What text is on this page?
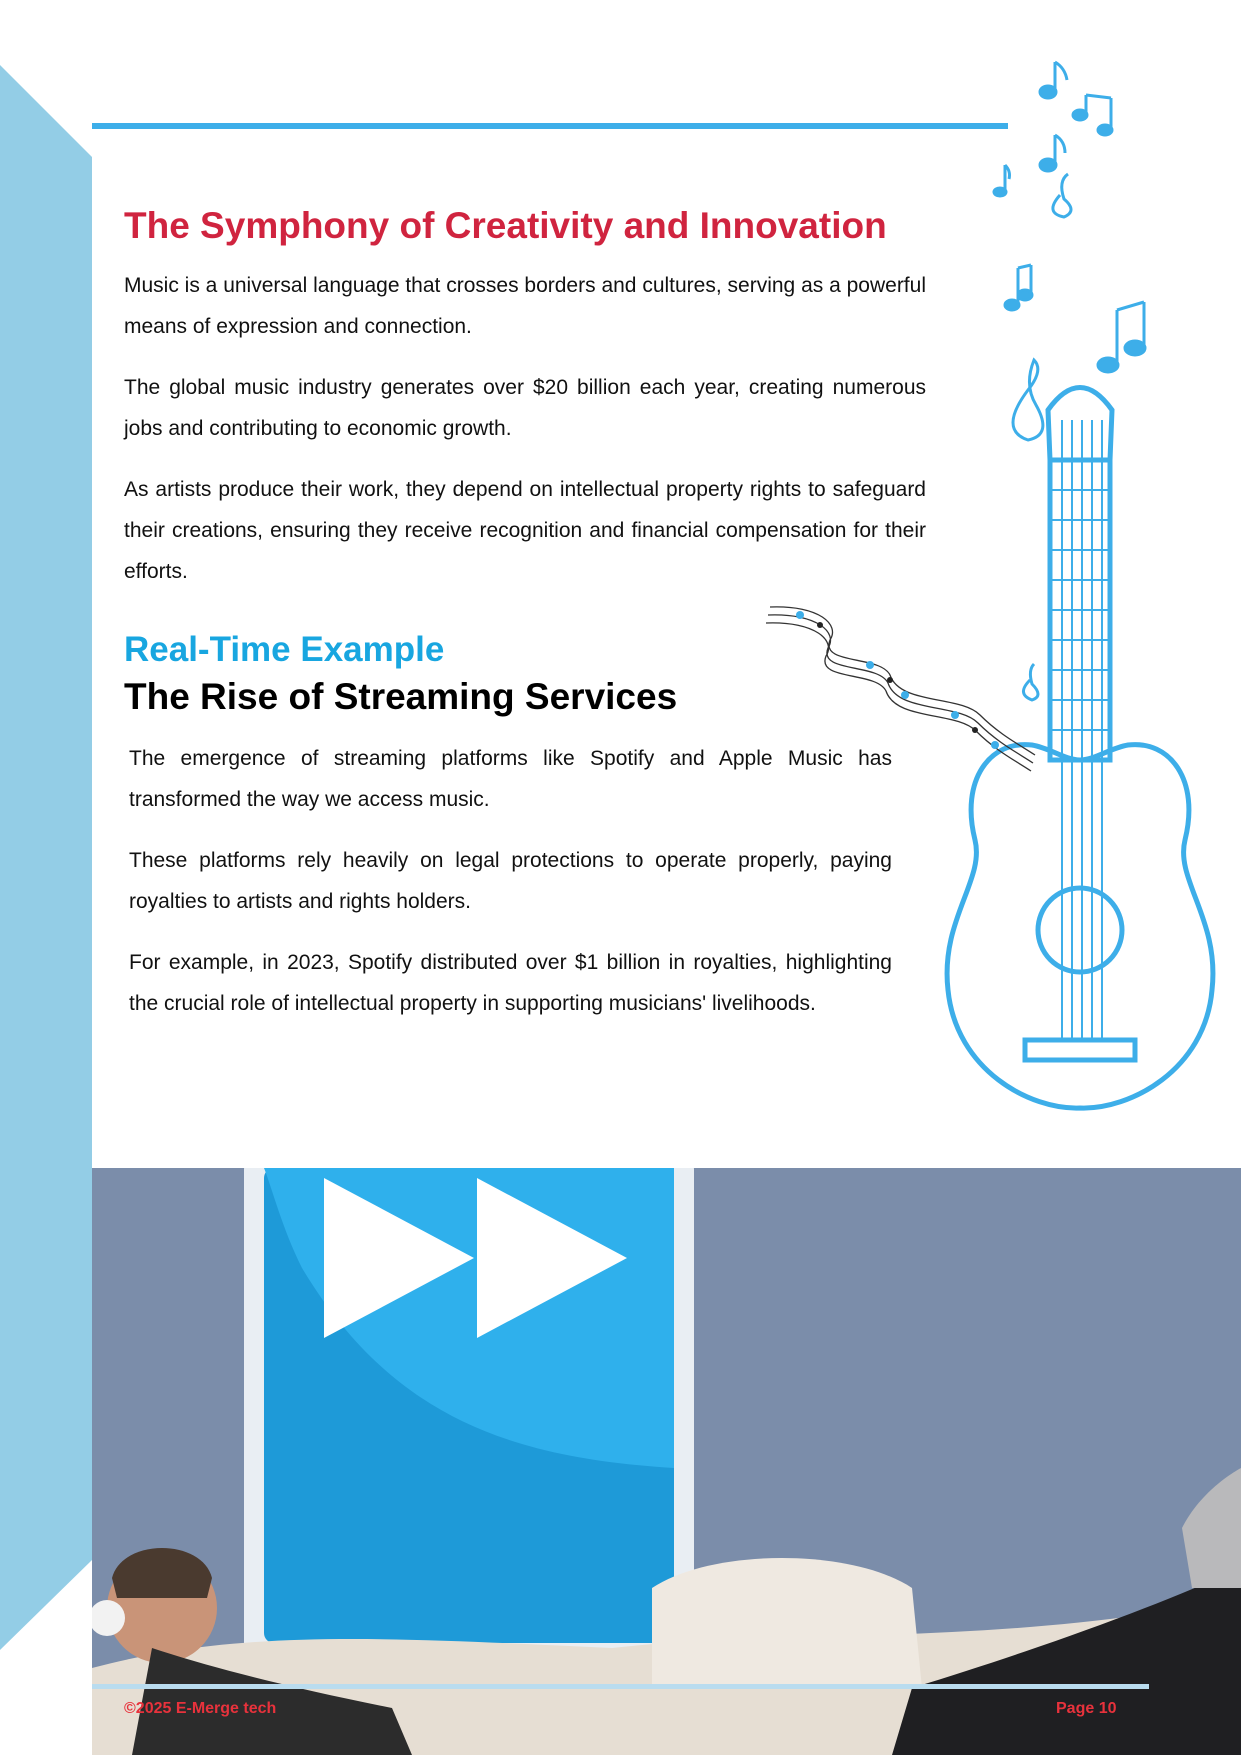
The Symphony of Creativity and Innovation

Music is a universal language that crosses borders and cultures, serving as a powerful means of expression and connection.

The global music industry generates over $20 billion each year, creating numerous jobs and contributing to economic growth.

As artists produce their work, they depend on intellectual property rights to safeguard their creations, ensuring they receive recognition and financial compensation for their efforts.

Real-Time Example
The Rise of Streaming Services

The emergence of streaming platforms like Spotify and Apple Music has transformed the way we access music.

These platforms rely heavily on legal protections to operate properly, paying royalties to artists and rights holders.

For example, in 2023, Spotify distributed over $1 billion in royalties, highlighting the crucial role of intellectual property in supporting musicians' livelihoods.

©2025 E-Merge tech	Page 10
